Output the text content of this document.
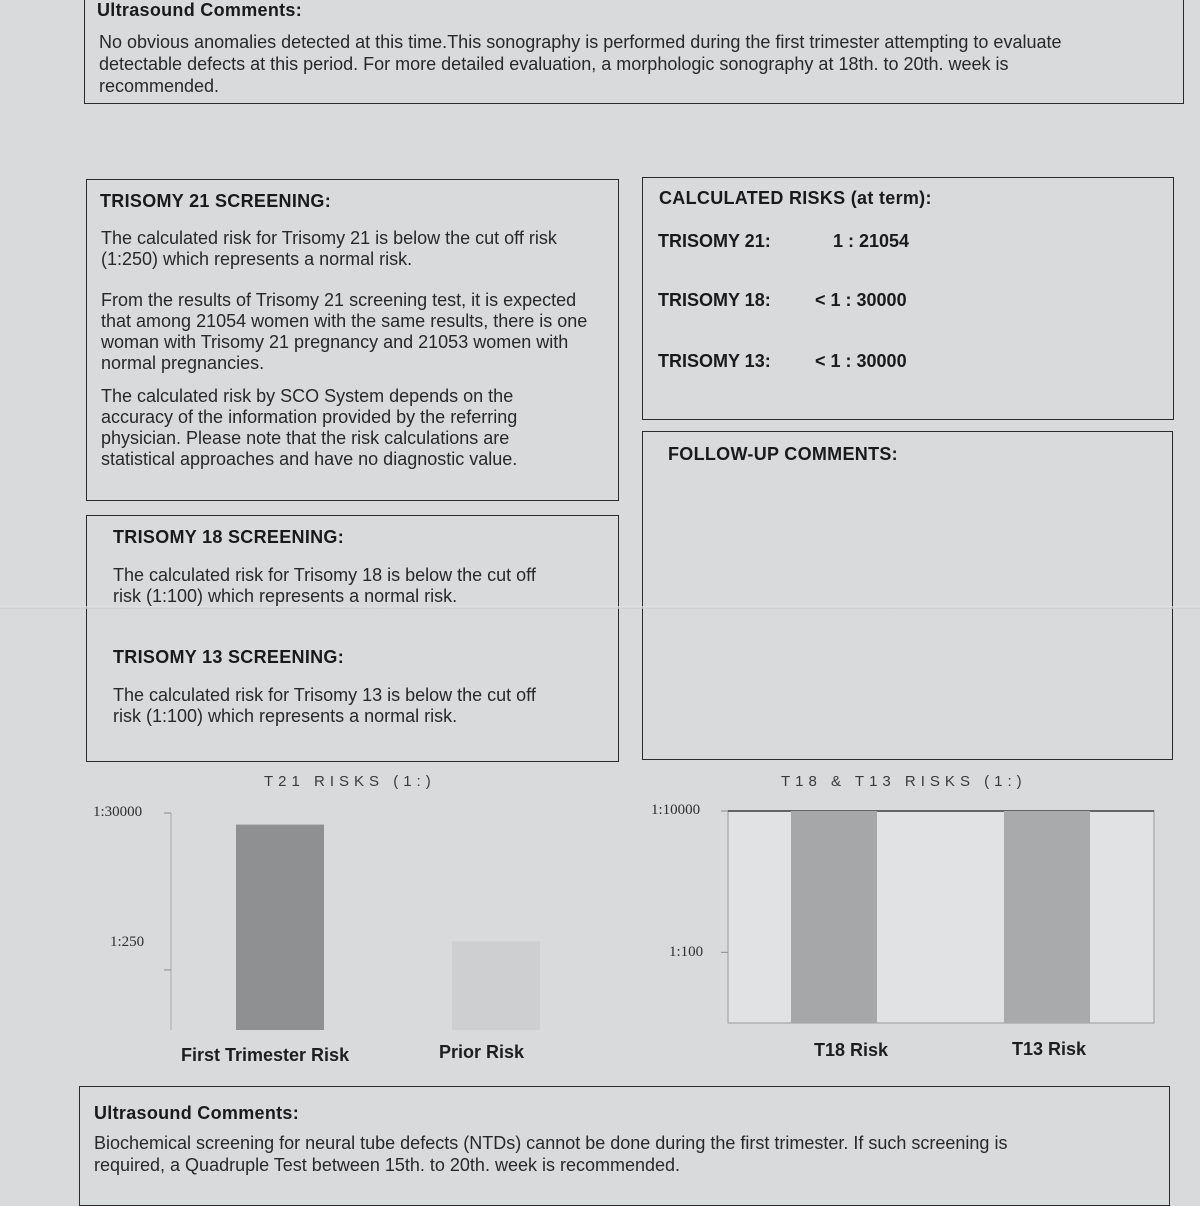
Ultrasound Comments:
No obvious anomalies detected at this time.This sonography is performed during the first trimester attempting to evaluate
detectable defects at this period. For more detailed evaluation, a morphologic sonography at 18th. to 20th. week is
recommended.
TRISOMY 21 SCREENING:
The calculated risk for Trisomy 21 is below the cut off risk (1:250) which represents a normal risk.
From the results of Trisomy 21 screening test, it is expected that among 21054 women with the same results, there is one woman with Trisomy 21 pregnancy and 21053 women with normal pregnancies.
The calculated risk by SCO System depends on the accuracy of the information provided by the referring physician. Please note that the risk calculations are statistical approaches and have no diagnostic value.
CALCULATED RISKS (at term):
TRISOMY 21:	1 : 21054
TRISOMY 18: < 1 : 30000
TRISOMY 13: < 1 : 30000
TRISOMY 18 SCREENING:
The calculated risk for Trisomy 18 is below the cut off risk (1:100) which represents a normal risk.
TRISOMY 13 SCREENING:
The calculated risk for Trisomy 13 is below the cut off risk (1:100) which represents a normal risk.
FOLLOW-UP COMMENTS:
T21 RISKS (1:)
1:30000
1:250
First Trimester Risk	Prior Risk
T18 & T13 RISKS (1:)
1:10000
1:100
T18 Risk	T13 Risk
Ultrasound Comments:
Biochemical screening for neural tube defects (NTDs) cannot be done during the first trimester. If such screening is
required, a Quadruple Test between 15th. to 20th. week is recommended.
